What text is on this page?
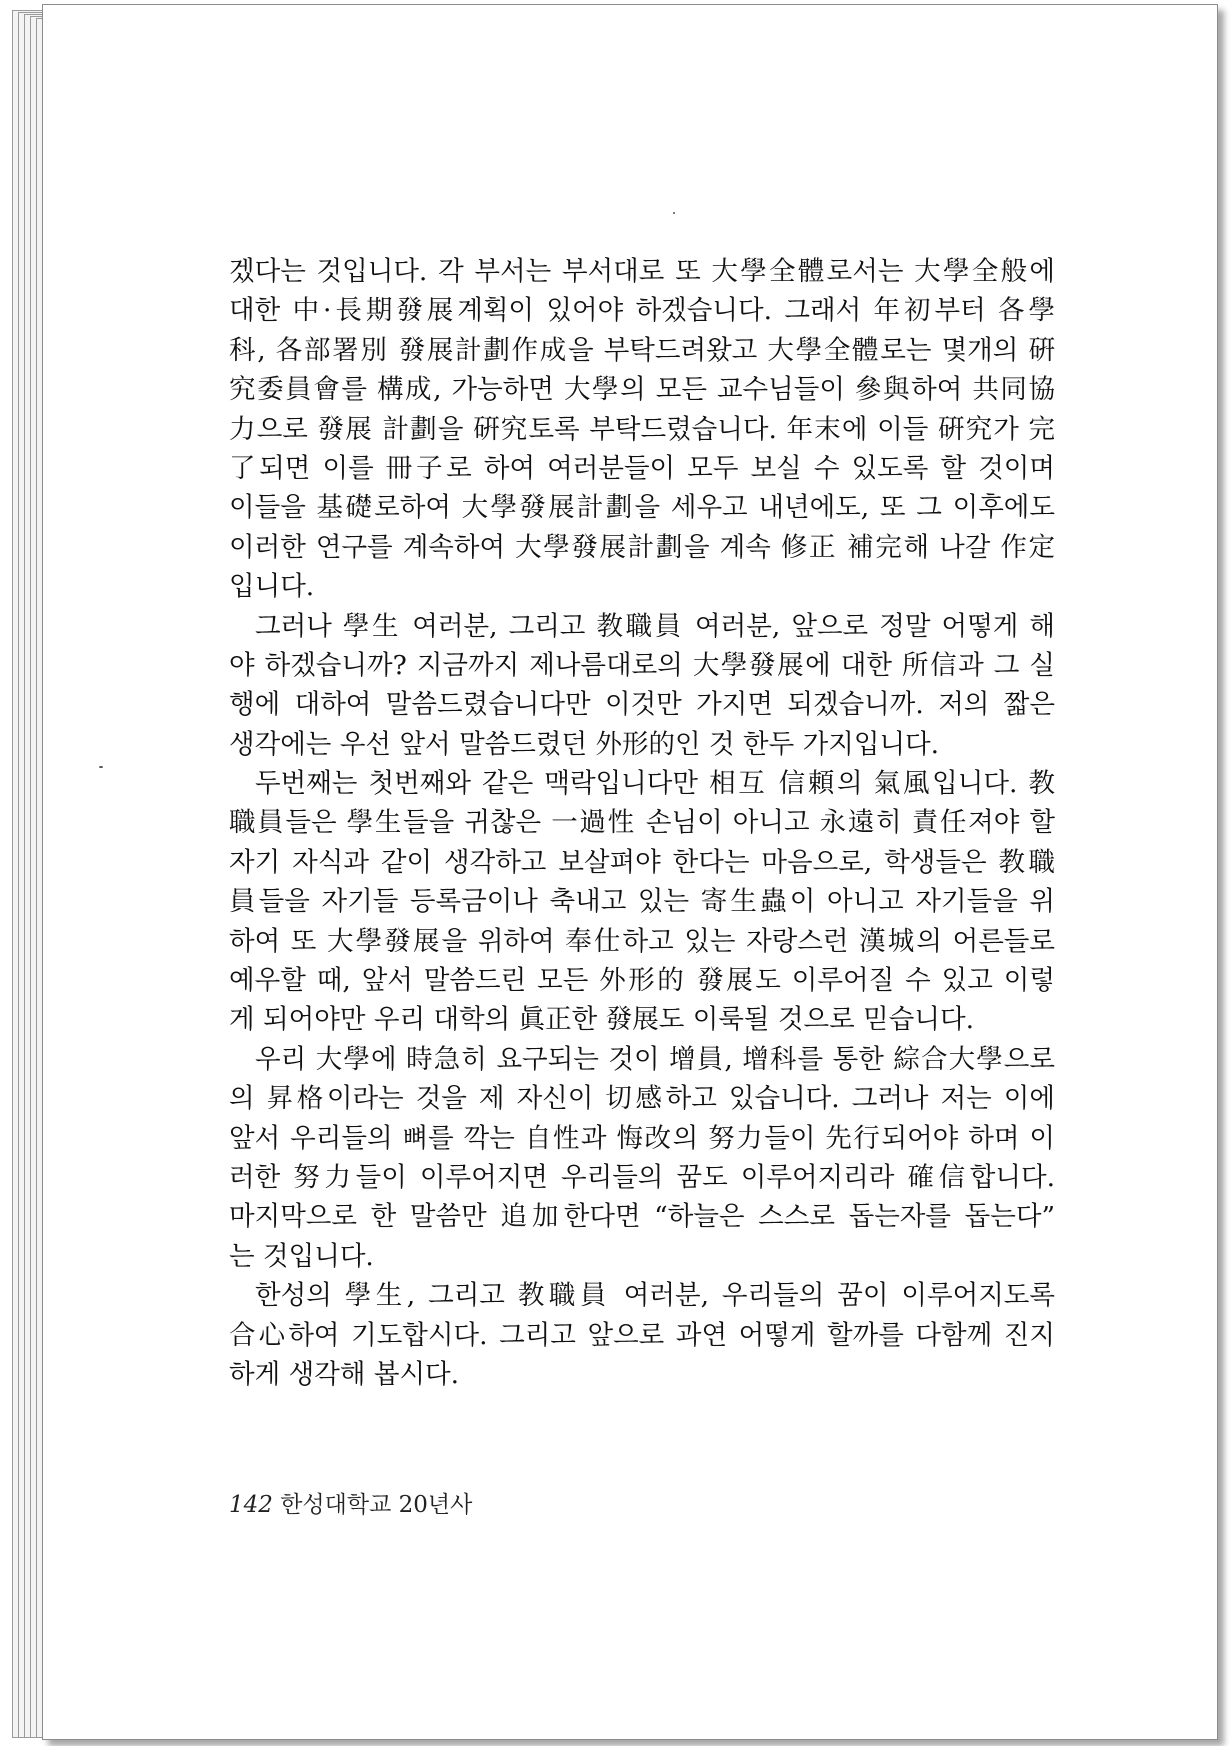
겠다는 것입니다. 각 부서는 부서대로 또 大學全體로서는 大學全般에
대한 中·長期發展계획이 있어야 하겠습니다. 그래서 年初부터 各學
科, 各部署別 發展計劃作成을 부탁드려왔고 大學全體로는 몇개의 硏
究委員會를 構成, 가능하면 大學의 모든 교수님들이 參與하여 共同協
力으로 發展 計劃을 硏究토록 부탁드렸습니다. 年末에 이들 硏究가 完
了되면 이를 冊子로 하여 여러분들이 모두 보실 수 있도록 할 것이며
이들을 基礎로하여 大學發展計劃을 세우고 내년에도, 또 그 이후에도
이러한 연구를 계속하여 大學發展計劃을 계속 修正 補完해 나갈 作定
입니다.
그러나 學生 여러분, 그리고 教職員 여러분, 앞으로 정말 어떻게 해
야 하겠습니까? 지금까지 제나름대로의 大學發展에 대한 所信과 그 실
행에 대하여 말씀드렸습니다만 이것만 가지면 되겠습니까. 저의 짧은
생각에는 우선 앞서 말씀드렸던 外形的인 것 한두 가지입니다.
두번째는 첫번째와 같은 맥락입니다만 相互 信頼의 氣風입니다. 教
職員들은 學生들을 귀찮은 一過性 손님이 아니고 永遠히 責任져야 할
자기 자식과 같이 생각하고 보살펴야 한다는 마음으로, 학생들은 教職
員들을 자기들 등록금이나 축내고 있는 寄生蟲이 아니고 자기들을 위
하여 또 大學發展을 위하여 奉仕하고 있는 자랑스런 漢城의 어른들로
예우할 때, 앞서 말씀드린 모든 外形的 發展도 이루어질 수 있고 이렇
게 되어야만 우리 대학의 眞正한 發展도 이룩될 것으로 믿습니다.
우리 大學에 時急히 요구되는 것이 增員, 增科를 통한 綜合大學으로
의 昇格이라는 것을 제 자신이 切感하고 있습니다. 그러나 저는 이에
앞서 우리들의 뼈를 깍는 自性과 悔改의 努力들이 先行되어야 하며 이
러한 努力들이 이루어지면 우리들의 꿈도 이루어지리라 確信합니다.
마지막으로 한 말씀만 追加한다면 “하늘은 스스로 돕는자를 돕는다”
는 것입니다.
한성의 學生, 그리고 教職員 여러분, 우리들의 꿈이 이루어지도록
合心하여 기도합시다. 그리고 앞으로 과연 어떻게 할까를 다함께 진지
하게 생각해 봅시다.
142 한성대학교 20년사
